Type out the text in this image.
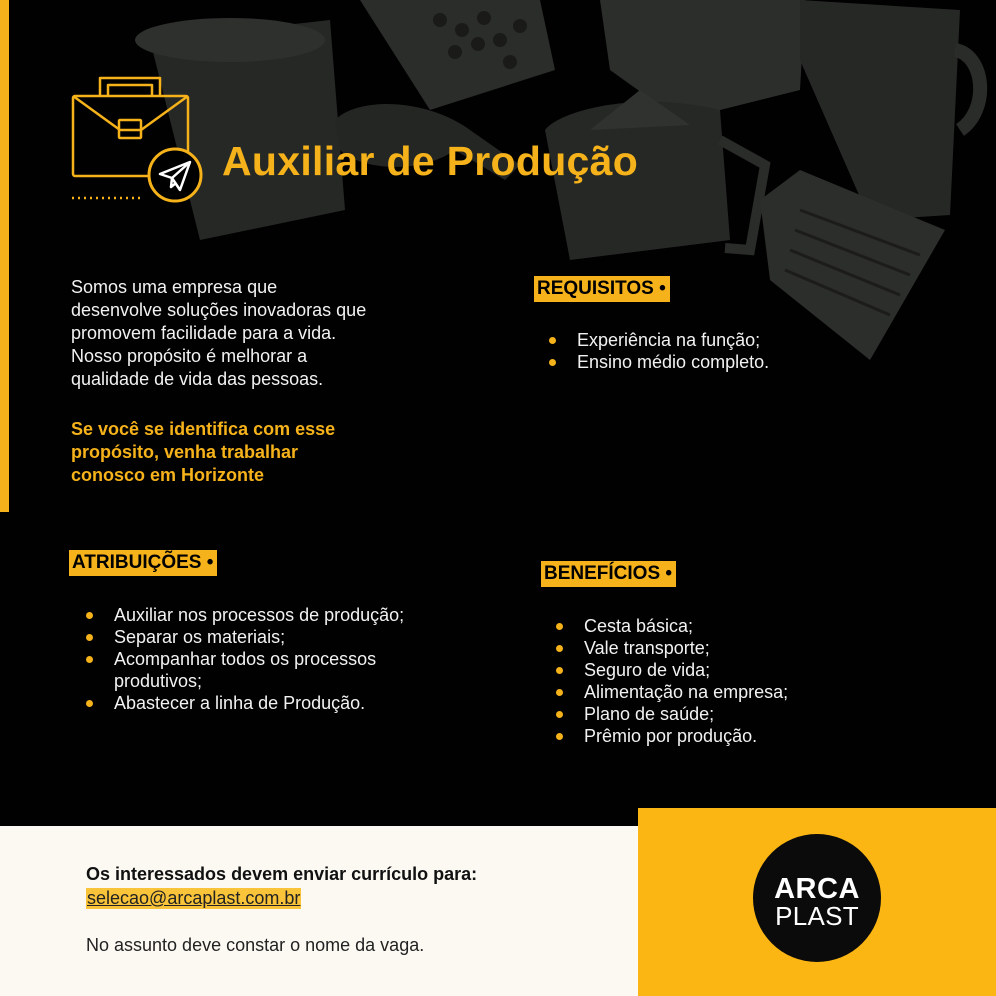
Auxiliar de Produção

Somos uma empresa que
desenvolve soluções inovadoras que
promovem facilidade para a vida.
Nosso propósito é melhorar a
qualidade de vida das pessoas.

Se você se identifica com esse
propósito, venha trabalhar
conosco em Horizonte
REQUISITOS •
Experiência na função;
Ensino médio completo.
ATRIBUIÇÕES •
Auxiliar nos processos de produção;
Separar os materiais;
Acompanhar todos os processos produtivos;
Abastecer a linha de Produção.
BENEFÍCIOS •
Cesta básica;
Vale transporte;
Seguro de vida;
Alimentação na empresa;
Plano de saúde;
Prêmio por produção.
Os interessados devem enviar currículo para:
selecao@arcaplast.com.br
No assunto deve constar o nome da vaga.
ARCA
PLAST
